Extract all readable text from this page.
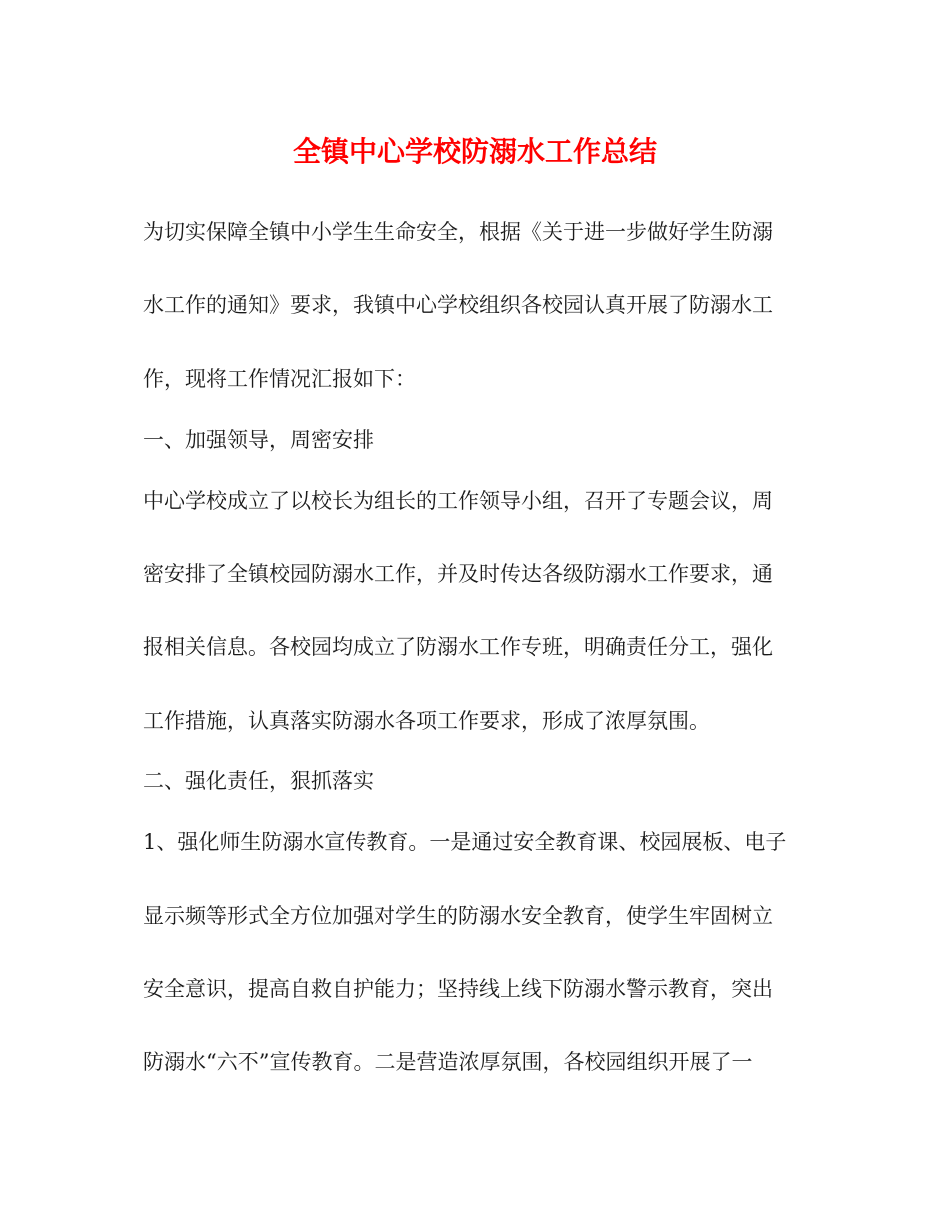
全镇中心学校防溺水工作总结

为切实保障全镇中小学生生命安全，根据《关于进一步做好学生防溺

水工作的通知》要求，我镇中心学校组织各校园认真开展了防溺水工

作，现将工作情况汇报如下：

一、加强领导，周密安排

中心学校成立了以校长为组长的工作领导小组，召开了专题会议，周

密安排了全镇校园防溺水工作，并及时传达各级防溺水工作要求，通

报相关信息。各校园均成立了防溺水工作专班，明确责任分工，强化

工作措施，认真落实防溺水各项工作要求，形成了浓厚氛围。

二、强化责任，狠抓落实

1、强化师生防溺水宣传教育。一是通过安全教育课、校园展板、电子

显示频等形式全方位加强对学生的防溺水安全教育，使学生牢固树立

安全意识，提高自救自护能力；坚持线上线下防溺水警示教育，突出

防溺水“六不”宣传教育。二是营造浓厚氛围，各校园组织开展了一
